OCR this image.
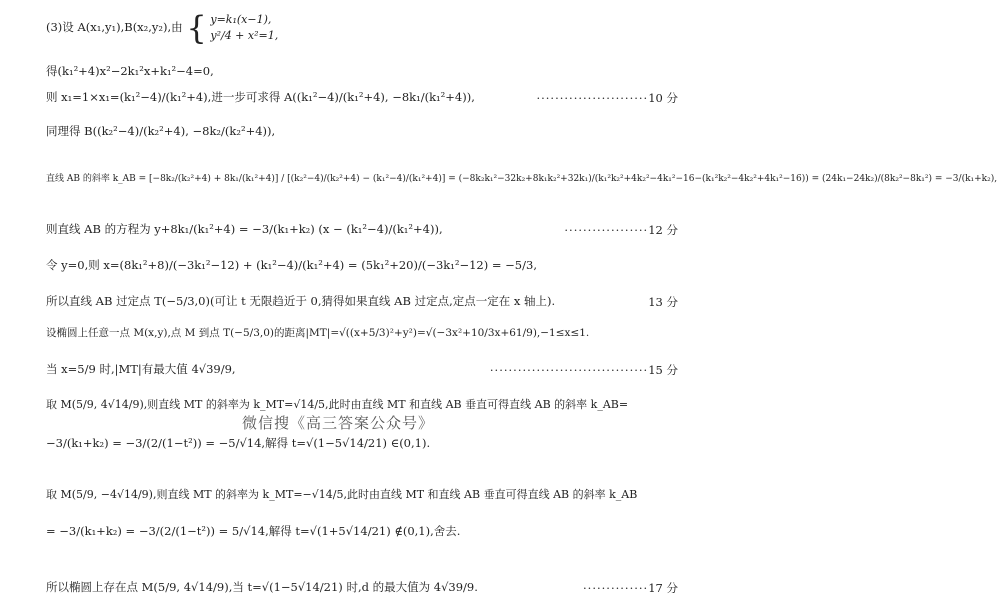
(3)设 A(x₁,y₁),B(x₂,y₂),由 { y=k₁(x−1),
y²/4 + x²=1,
得(k₁²+4)x²−2k₁²x+k₁²−4=0,
则 x₁=1×x₁=(k₁²−4)/(k₁²+4),进一步可求得 A((k₁²−4)/(k₁²+4), −8k₁/(k₁²+4)),	························10 分
同理得 B((k₂²−4)/(k₂²+4), −8k₂/(k₂²+4)),
直线 AB 的斜率 k_AB = [−8k₂/(k₂²+4) + 8k₁/(k₁²+4)] / [(k₂²−4)/(k₂²+4) − (k₁²−4)/(k₁²+4)] = (−8k₂k₁²−32k₂+8k₁k₂²+32k₁)/(k₁²k₂²+4k₂²−4k₁²−16−(k₁²k₂²−4k₂²+4k₁²−16)) = (24k₁−24k₂)/(8k₂²−8k₁²) = −3/(k₁+k₂),
则直线 AB 的方程为 y+8k₁/(k₁²+4) = −3/(k₁+k₂) (x − (k₁²−4)/(k₁²+4)),	··················12 分
令 y=0,则 x=(8k₁²+8)/(−3k₁²−12) + (k₁²−4)/(k₁²+4) = (5k₁²+20)/(−3k₁²−12) = −5/3,
所以直线 AB 过定点 T(−5/3,0)(可让 t 无限趋近于 0,猜得如果直线 AB 过定点,定点一定在 x 轴上).	13 分
设椭圆上任意一点 M(x,y),点 M 到点 T(−5/3,0)的距离|MT|=√((x+5/3)²+y²)=√(−3x²+10/3x+61/9),−1≤x≤1.
当 x=5/9 时,|MT|有最大值 4√39/9,	··································15 分
取 M(5/9, 4√14/9),则直线 MT 的斜率为 k_MT=√14/5,此时由直线 MT 和直线 AB 垂直可得直线 AB 的斜率 k_AB=
微信搜《高三答案公众号》
−3/(k₁+k₂) = −3/(2/(1−t²)) = −5/√14,解得 t=√(1−5√14/21) ∈(0,1).
取 M(5/9, −4√14/9),则直线 MT 的斜率为 k_MT=−√14/5,此时由直线 MT 和直线 AB 垂直可得直线 AB 的斜率 k_AB
= −3/(k₁+k₂) = −3/(2/(1−t²)) = 5/√14,解得 t=√(1+5√14/21) ∉(0,1),舍去.
所以椭圆上存在点 M(5/9, 4√14/9),当 t=√(1−5√14/21) 时,d 的最大值为 4√39/9.	··············17 分
